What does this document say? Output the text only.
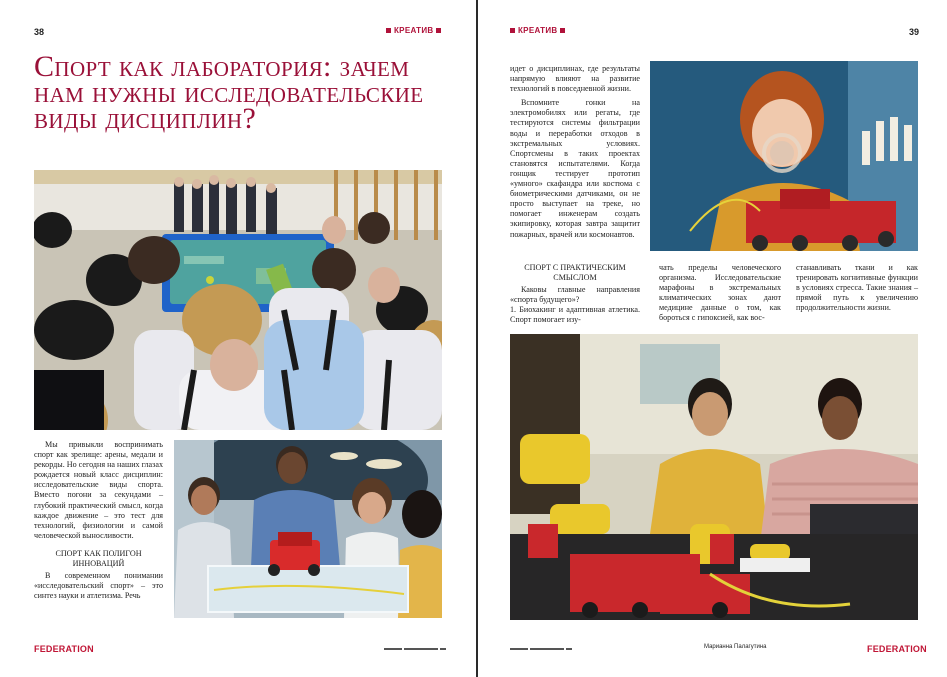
38	КРЕАТИВ
Спорт как лаборатория: зачем нам нужны исследовательские виды дисциплин?

Мы привыкли воспринимать спорт как зрелище: арены, медали и рекорды. Но сегодня на наших глазах рождается новый класс дисциплин: исследовательские виды спорта. Вместо погони за секундами – глубокий практический смысл, когда каждое движение – это тест для технологий, физиологии и самой человеческой выносливости.

СПОРТ КАК ПОЛИГОН ИННОВАЦИЙ

В современном понимании «исследовательский спорт» – это синтез науки и атлетизма. Речь

FEDERATION
КРЕАТИВ	39

идет о дисциплинах, где результаты напрямую влияют на развитие технологий в повседневной жизни.

Вспомните гонки на электромобилях или регаты, где тестируются системы фильтрации воды и переработки отходов в экстремальных условиях. Спортсмены в таких проектах становятся испытателями. Когда гонщик тестирует прототип «умного» скафандра или костюма с биометрическими датчиками, он не просто выступает на треке, но помогает инженерам создать экипировку, которая завтра защитит пожарных, врачей или космонавтов.

СПОРТ С ПРАКТИЧЕСКИМ СМЫСЛОМ

Каковы главные направления «спорта будущего»?

1. Биохакинг и адаптивная атлетика. Спорт помогает изу-

чать пределы человеческого организма. Исследовательские марафоны в экстремальных климатических зонах дают медицине данные о том, как бороться с гипоксией, как вос-

станавливать ткани и как тренировать когнитивные функции в условиях стресса. Такие знания – прямой путь к увеличению продолжительности жизни.

Марианна Палагутина	FEDERATION
